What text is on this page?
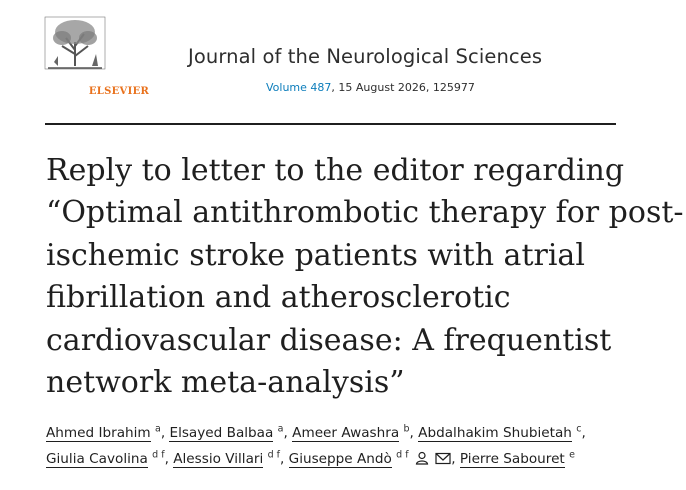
ELSEVIER
Journal of the Neurological Sciences
Volume 487, 15 August 2026, 125977
Reply to letter to the editor regarding
“Optimal antithrombotic therapy for post-
ischemic stroke patients with atrial
fibrillation and atherosclerotic
cardiovascular disease: A frequentist
network meta-analysis”
Ahmed Ibrahim $^a$, Elsayed Balbaa $^a$, Ameer Awashra $^b$, Abdalhakim Shubietah $^c$,
Giulia Cavolina $^{d f}$, Alessio Villari $^{d f}$, Giuseppe Andò $^{d f}$	, Pierre Sabouret $^e$
